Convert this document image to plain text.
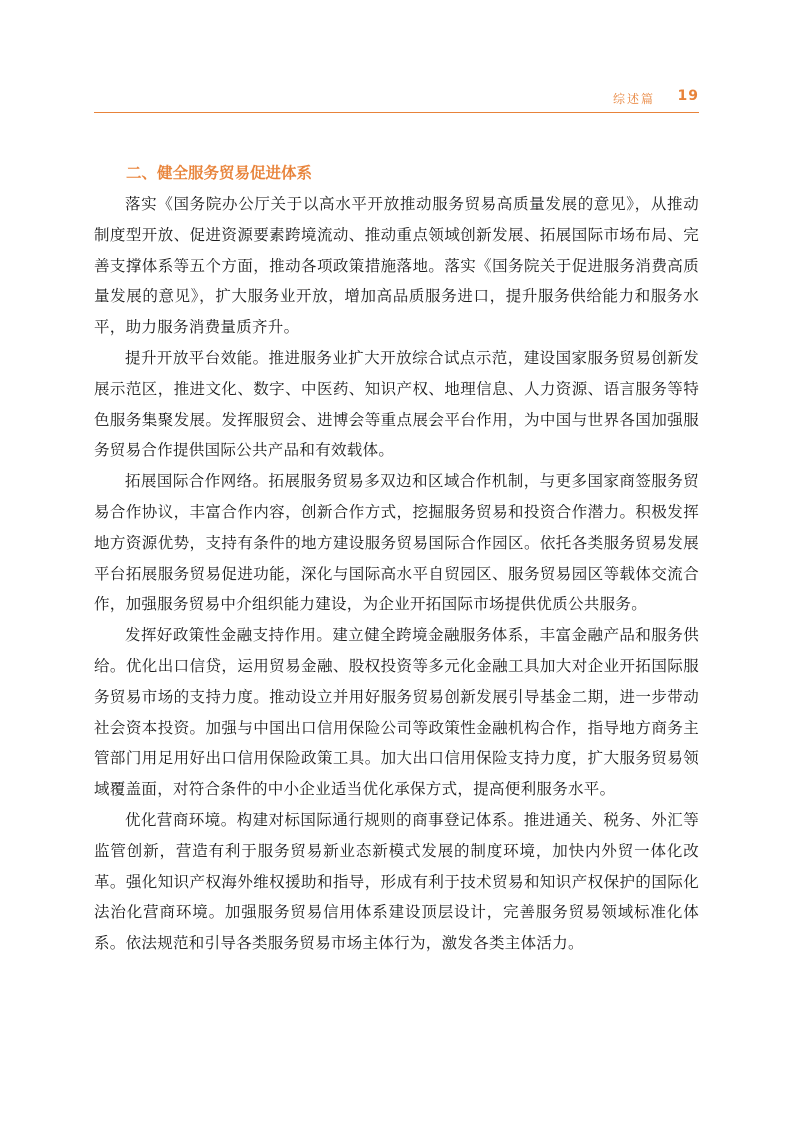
综述篇 19
二、健全服务贸易促进体系

落实《国务院办公厅关于以高水平开放推动服务贸易高质量发展的意见》，从推动制度型开放、促进资源要素跨境流动、推动重点领域创新发展、拓展国际市场布局、完善支撑体系等五个方面，推动各项政策措施落地。落实《国务院关于促进服务消费高质量发展的意见》，扩大服务业开放，增加高品质服务进口，提升服务供给能力和服务水平，助力服务消费量质齐升。

提升开放平台效能。推进服务业扩大开放综合试点示范，建设国家服务贸易创新发展示范区，推进文化、数字、中医药、知识产权、地理信息、人力资源、语言服务等特色服务集聚发展。发挥服贸会、进博会等重点展会平台作用，为中国与世界各国加强服务贸易合作提供国际公共产品和有效载体。

拓展国际合作网络。拓展服务贸易多双边和区域合作机制，与更多国家商签服务贸易合作协议，丰富合作内容，创新合作方式，挖掘服务贸易和投资合作潜力。积极发挥地方资源优势，支持有条件的地方建设服务贸易国际合作园区。依托各类服务贸易发展平台拓展服务贸易促进功能，深化与国际高水平自贸园区、服务贸易园区等载体交流合作，加强服务贸易中介组织能力建设，为企业开拓国际市场提供优质公共服务。

发挥好政策性金融支持作用。建立健全跨境金融服务体系，丰富金融产品和服务供给。优化出口信贷，运用贸易金融、股权投资等多元化金融工具加大对企业开拓国际服务贸易市场的支持力度。推动设立并用好服务贸易创新发展引导基金二期，进一步带动社会资本投资。加强与中国出口信用保险公司等政策性金融机构合作，指导地方商务主管部门用足用好出口信用保险政策工具。加大出口信用保险支持力度，扩大服务贸易领域覆盖面，对符合条件的中小企业适当优化承保方式，提高便利服务水平。

优化营商环境。构建对标国际通行规则的商事登记体系。推进通关、税务、外汇等监管创新，营造有利于服务贸易新业态新模式发展的制度环境，加快内外贸一体化改革。强化知识产权海外维权援助和指导，形成有利于技术贸易和知识产权保护的国际化法治化营商环境。加强服务贸易信用体系建设顶层设计，完善服务贸易领域标准化体系。依法规范和引导各类服务贸易市场主体行为，激发各类主体活力。
